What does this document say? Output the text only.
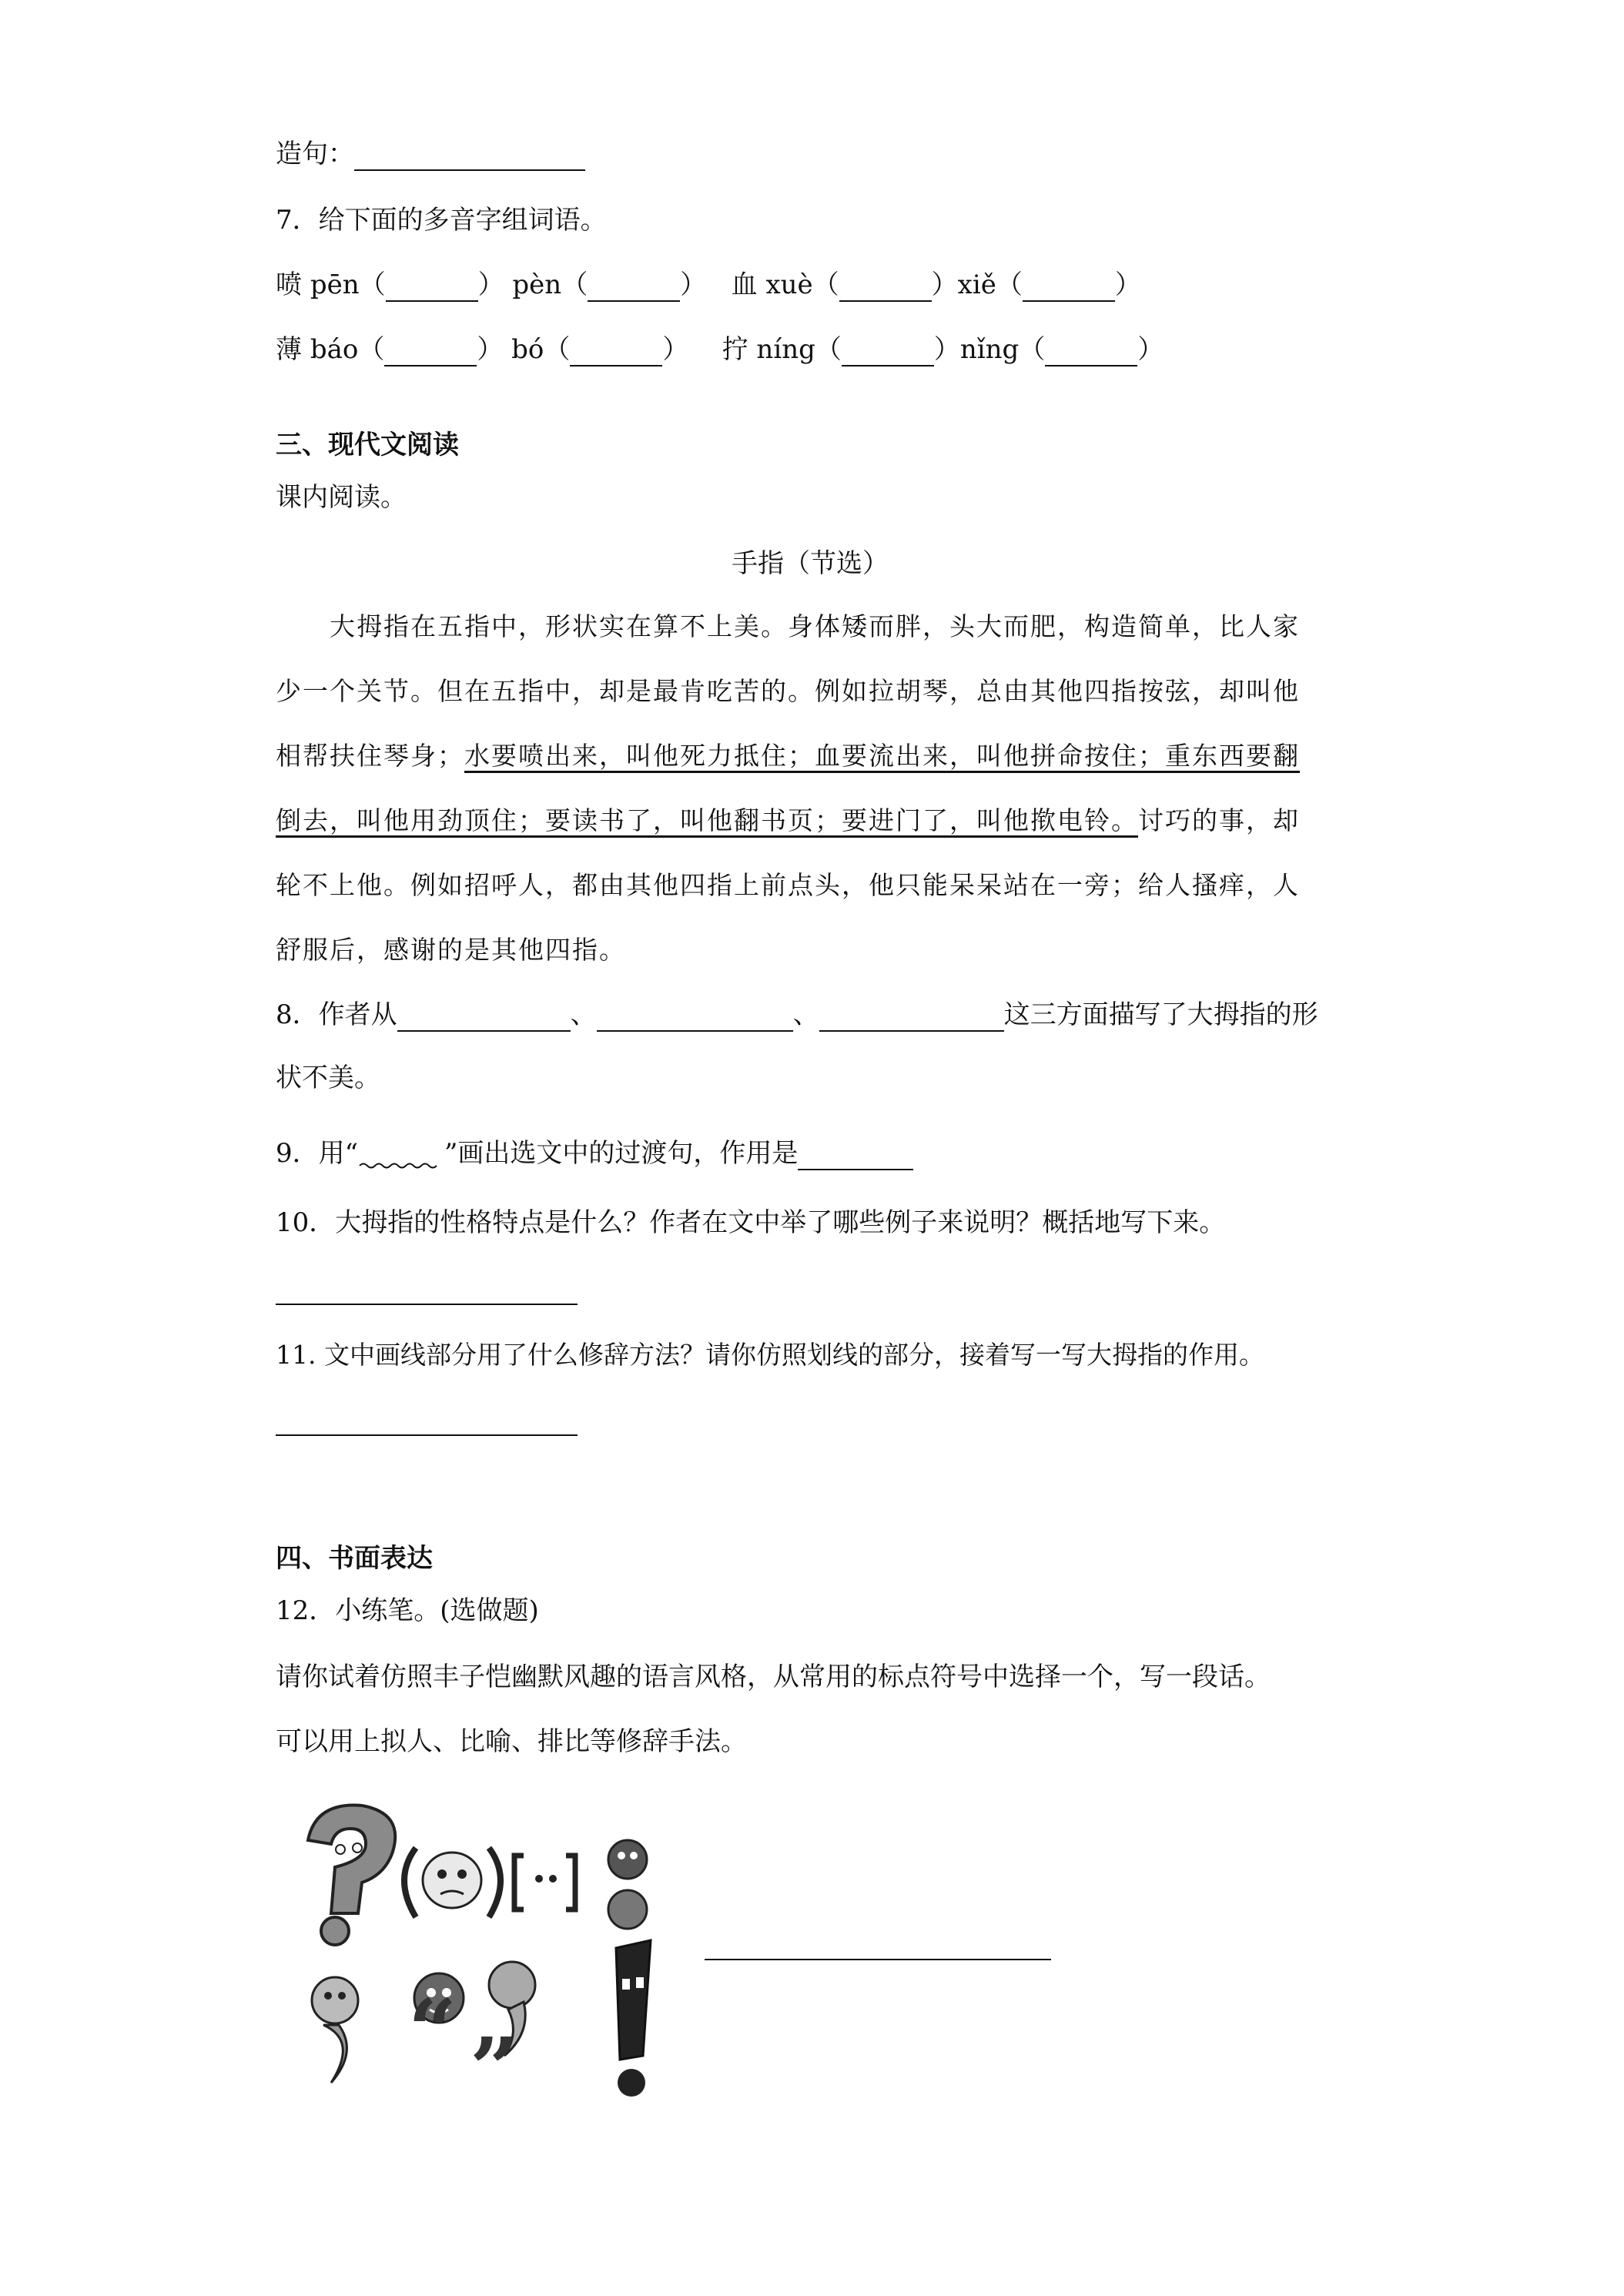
造句：
7．给下面的多音字组词语。
喷 pēn（	） pèn（	）   血 xuè（	）xiě（	）
薄 báo（	） bó（	）    拧 níng（	）nǐng（	）
三、现代文阅读
课内阅读。
手指（节选）
　　大拇指在五指中，形状实在算不上美。身体矮而胖，头大而肥，构造简单，比人家
少一个关节。但在五指中，却是最肯吃苦的。例如拉胡琴，总由其他四指按弦，却叫他
相帮扶住琴身；水要喷出来，叫他死力抵住；血要流出来，叫他拼命按住；重东西要翻
倒去，叫他用劲顶住；要读书了，叫他翻书页；要进门了，叫他揿电铃。讨巧的事，却
轮不上他。例如招呼人，都由其他四指上前点头，他只能呆呆站在一旁；给人搔痒，人
舒服后，感谢的是其他四指。
8．作者从	、	、	这三方面描写了大拇指的形
状不美。
9．用“	”画出选文中的过渡句，作用是
10．大拇指的性格特点是什么？作者在文中举了哪些例子来说明？概括地写下来。
11. 文中画线部分用了什么修辞方法？请你仿照划线的部分，接着写一写大拇指的作用。
四、书面表达
12．小练笔。(选做题)
请你试着仿照丰子恺幽默风趣的语言风格，从常用的标点符号中选择一个，写一段话。
可以用上拟人、比喻、排比等修辞手法。
“ ”
